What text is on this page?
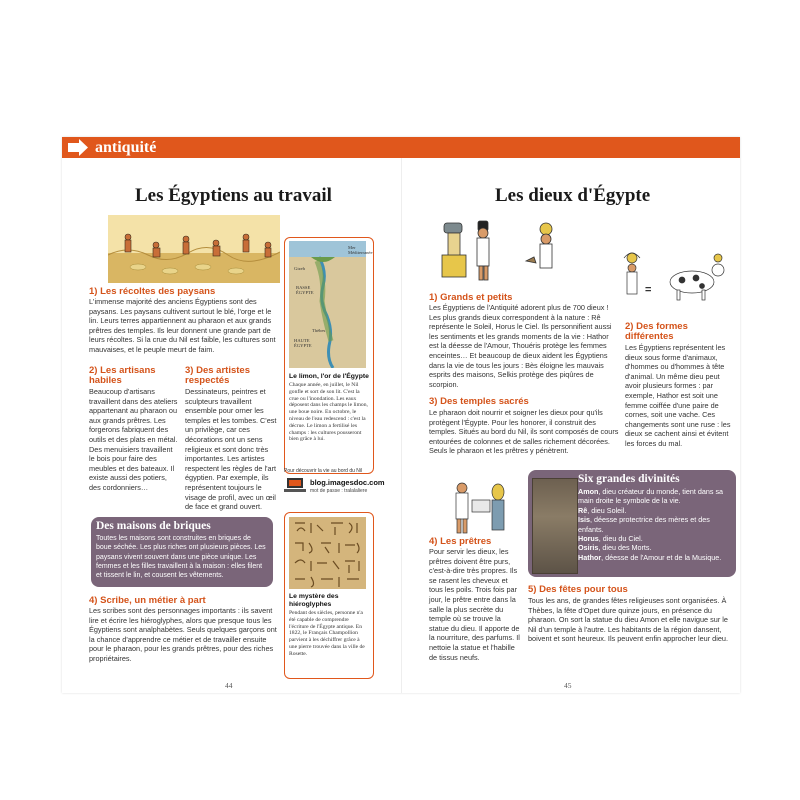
antiquité
Les Égyptiens au travail
1) Les récoltes des paysans
L'immense majorité des anciens Égyptiens sont des paysans. Les paysans cultivent surtout le blé, l'orge et le lin. Leurs terres appartiennent au pharaon et aux grands prêtres des temples. Ils leur donnent une grande part de leurs récoltes. Si la crue du Nil est faible, les cultures sont mauvaises, et le peuple meurt de faim.
2) Les artisans habiles
Beaucoup d'artisans travaillent dans des ateliers appartenant au pharaon ou aux grands prêtres. Les forgerons fabriquent des outils et des plats en métal. Des menuisiers travaillent le bois pour faire des meubles et des bateaux. Il existe aussi des potiers, des cordonniers…
3) Des artistes respectés
Dessinateurs, peintres et sculpteurs travaillent ensemble pour orner les temples et les tombes. C'est un privilège, car ces décorations ont un sens religieux et sont donc très importantes. Les artistes respectent les règles de l'art égyptien. Par exemple, ils représentent toujours le visage de profil, avec un œil de face et grand ouvert.
Des maisons de briques
Toutes les maisons sont construites en briques de boue séchée. Les plus riches ont plusieurs pièces. Les paysans vivent souvent dans une pièce unique. Les femmes et les filles travaillent à la maison : elles filent et tissent le lin, et cousent les vêtements.
4) Scribe, un métier à part
Les scribes sont des personnages importants : ils savent lire et écrire les hiéroglyphes, alors que presque tous les Égyptiens sont analphabètes. Seuls quelques garçons ont la chance d'apprendre ce métier et de travailler ensuite pour le pharaon, pour les grands prêtres, pour des riches propriétaires.
Mer Méditerranée
Gizeh
BASSE ÉGYPTE
Thèbes
HAUTE ÉGYPTE
Le limon, l'or de l'Égypte
Chaque année, en juillet, le Nil gonfle et sort de son lit. C'est la crue ou l'inondation. Les eaux déposent dans les champs le limon, une boue noire. En octobre, le niveau de l'eau redescend : c'est la décrue. Le limon a fertilisé les champs : les cultures pousseront bien grâce à lui.
Pour découvrir la vie au bord du Nil
blog.imagesdoc.com
mot de passe : tralalaliere
Le mystère des hiéroglyphes
Pendant des siècles, personne n'a été capable de comprendre l'écriture de l'Égypte antique. En 1822, le Français Champollion parvient à les déchiffrer grâce à une pierre trouvée dans la ville de Rosette.
44
Les dieux d'Égypte
=
1) Grands et petits
Les Égyptiens de l'Antiquité adorent plus de 700 dieux ! Les plus grands dieux correspondent à la nature : Rê représente le Soleil, Horus le Ciel. Ils personnifient aussi les sentiments et les grands moments de la vie : Hathor est la déesse de l'Amour, Thouéris protège les femmes enceintes… Et beaucoup de dieux aident les Égyptiens dans la vie de tous les jours : Bès éloigne les mauvais esprits des maisons, Selkis protège des piqûres de scorpion.
2) Des formes différentes
Les Égyptiens représentent les dieux sous forme d'animaux, d'hommes ou d'hommes à tête d'animal. Un même dieu peut avoir plusieurs formes : par exemple, Hathor est soit une femme coiffée d'une paire de cornes, soit une vache. Ces changements sont une ruse : les dieux se cachent ainsi et évitent les forces du mal.
3) Des temples sacrés
Le pharaon doit nourrir et soigner les dieux pour qu'ils protègent l'Égypte. Pour les honorer, il construit des temples. Situés au bord du Nil, ils sont composés de cours entourées de colonnes et de salles richement décorées. Seuls le pharaon et les prêtres y pénètrent.
4) Les prêtres
Pour servir les dieux, les prêtres doivent être purs, c'est-à-dire très propres. Ils se rasent les cheveux et tous les poils. Trois fois par jour, le prêtre entre dans la salle la plus secrète du temple où se trouve la statue du dieu. Il apporte de la nourriture, des parfums. Il nettoie la statue et l'habille de tissus neufs.
Six grandes divinités
Amon, dieu créateur du monde, tient dans sa main droite le symbole de la vie.
Rê, dieu Soleil.
Isis, déesse protectrice des mères et des enfants.
Horus, dieu du Ciel.
Osiris, dieu des Morts.
Hathor, déesse de l'Amour et de la Musique.
5) Des fêtes pour tous
Tous les ans, de grandes fêtes religieuses sont organisées. À Thèbes, la fête d'Opet dure quinze jours, en présence du pharaon. On sort la statue du dieu Amon et elle navigue sur le Nil d'un temple à l'autre. Les habitants de la région dansent, boivent et sont heureux. Ils peuvent enfin approcher leur dieu.
45
